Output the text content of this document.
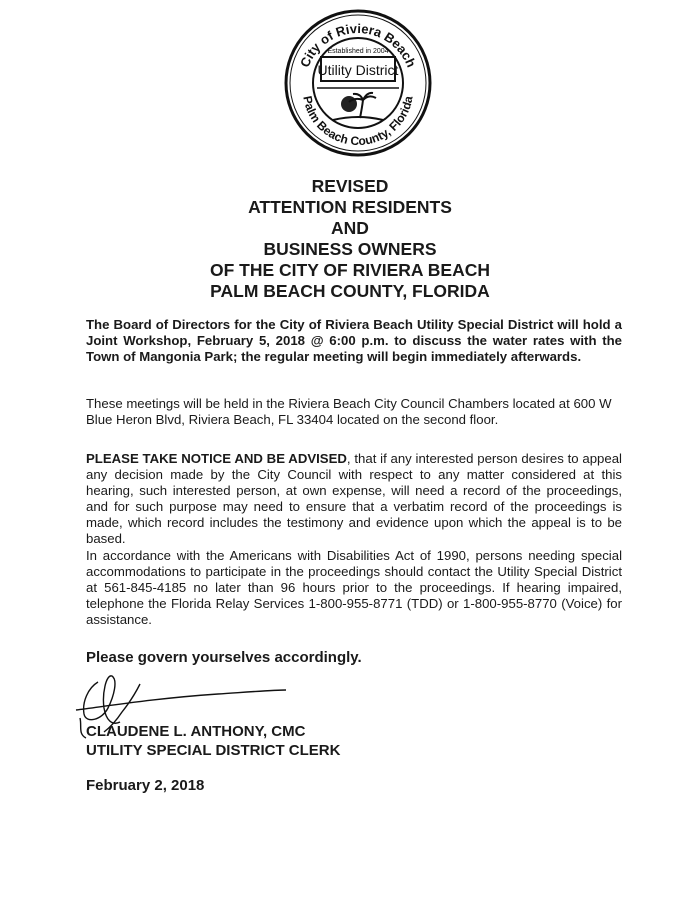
City of Riviera Beach
Palm Beach County, Florida
Established in 2004
Utility District
REVISED
ATTENTION RESIDENTS
AND
BUSINESS OWNERS
OF THE CITY OF RIVIERA BEACH
PALM BEACH COUNTY, FLORIDA
The Board of Directors for the City of Riviera Beach Utility Special District will hold a Joint Workshop, February 5, 2018 @ 6:00 p.m. to discuss the water rates with the Town of Mangonia Park; the regular meeting will begin immediately afterwards.
These meetings will be held in the Riviera Beach City Council Chambers located at 600 W Blue Heron Blvd, Riviera Beach, FL 33404 located on the second floor.
PLEASE TAKE NOTICE AND BE ADVISED, that if any interested person desires to appeal any decision made by the City Council with respect to any matter considered at this hearing, such interested person, at own expense, will need a record of the proceedings, and for such purpose may need to ensure that a verbatim record of the proceedings is made, which record includes the testimony and evidence upon which the appeal is to be based.
In accordance with the Americans with Disabilities Act of 1990, persons needing special accommodations to participate in the proceedings should contact the Utility Special District at 561-845-4185 no later than 96 hours prior to the proceedings. If hearing impaired, telephone the Florida Relay Services 1-800-955-8771 (TDD) or 1-800-955-8770 (Voice) for assistance.
Please govern yourselves accordingly.
CLAUDENE L. ANTHONY, CMC
UTILITY SPECIAL DISTRICT CLERK
February 2, 2018
